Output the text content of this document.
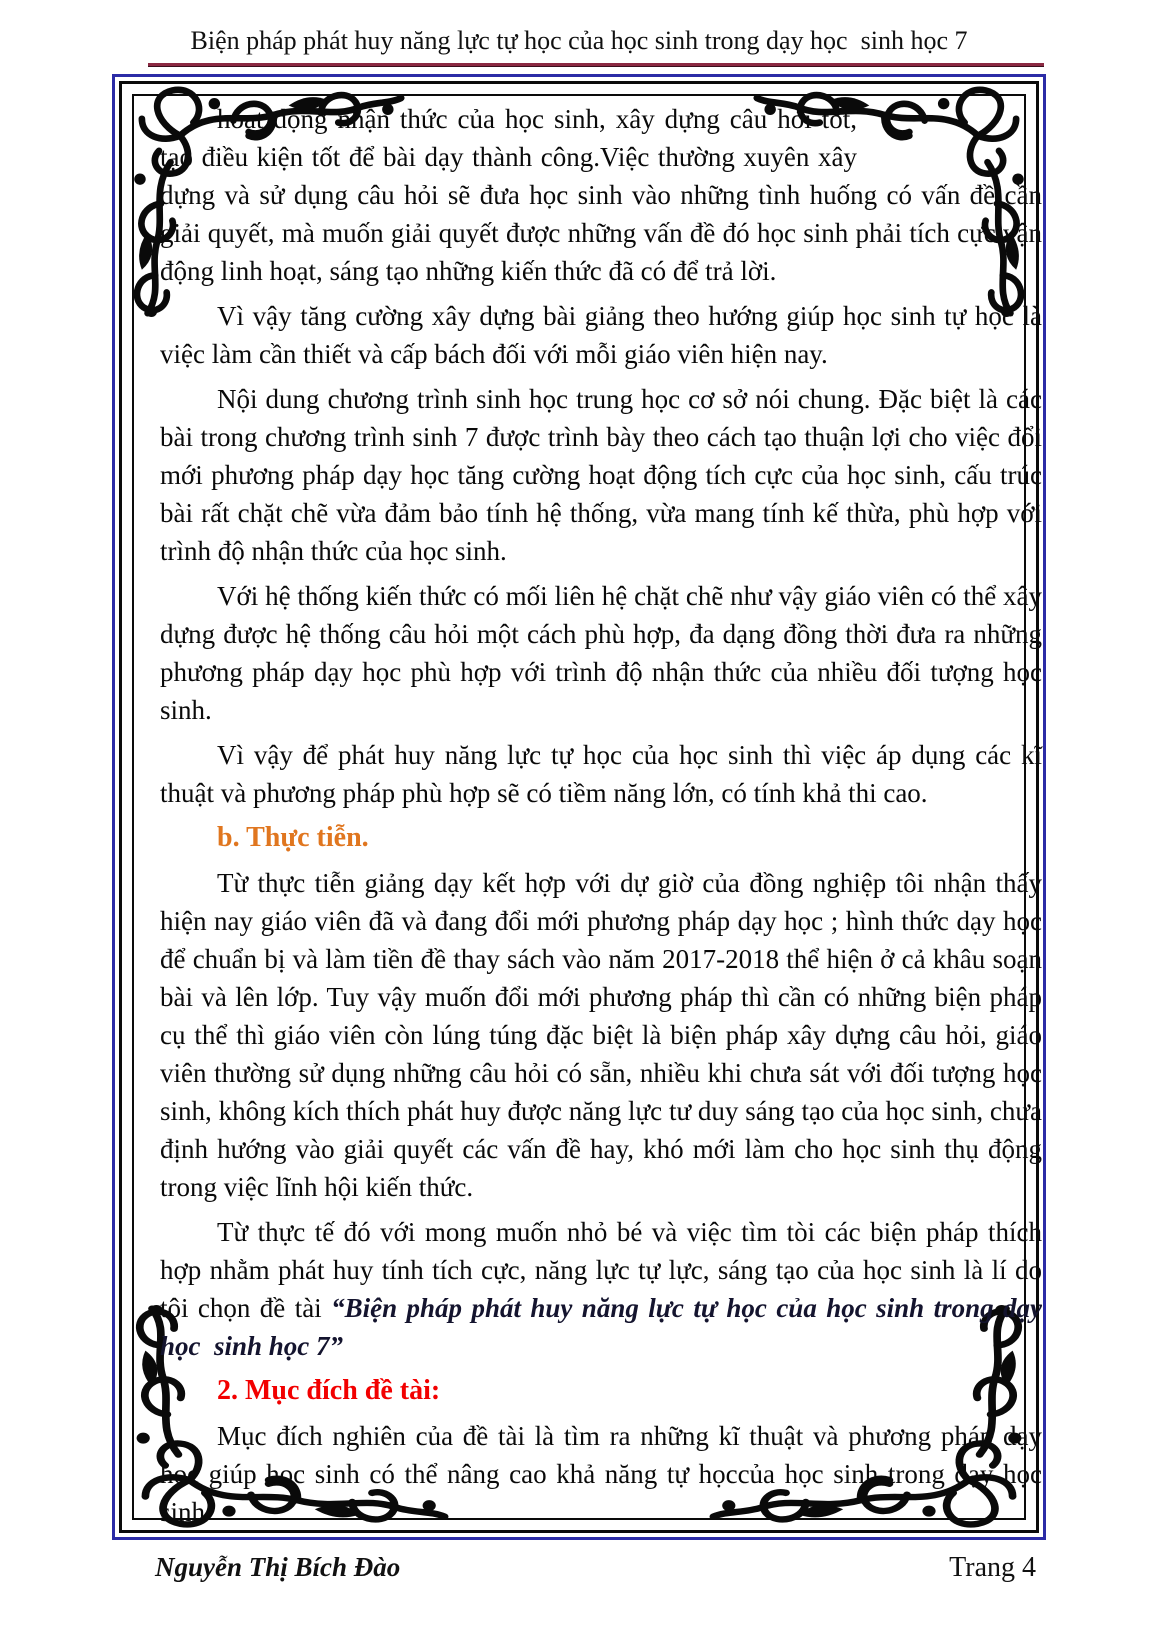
Biện pháp phát huy năng lực tự học của học sinh trong dạy học  sinh học 7

hoạt động nhận thức của học sinh, xây dựng câu hỏi tốt, tạo điều kiện tốt để bài dạy thành công.Việc thường xuyên xây dựng và sử dụng câu hỏi sẽ đưa học sinh vào những tình huống có vấn đề cần giải quyết, mà muốn giải quyết được những vấn đề đó học sinh phải tích cực vận động linh hoạt, sáng tạo những kiến thức đã có để trả lời.

Vì vậy tăng cường xây dựng bài giảng theo hướng giúp học sinh tự học là việc làm cần thiết và cấp bách đối với mỗi giáo viên hiện nay.

Nội dung chương trình sinh học trung học cơ sở nói chung. Đặc biệt là các bài trong chương trình sinh 7 được trình bày theo cách tạo thuận lợi cho việc đổi mới phương pháp dạy học tăng cường hoạt động tích cực của học sinh, cấu trúc bài rất chặt chẽ vừa đảm bảo tính hệ thống, vừa mang tính kế thừa, phù hợp với trình độ nhận thức của học sinh.

Với hệ thống kiến thức có mối liên hệ chặt chẽ như vậy giáo viên có thể xây dựng được hệ thống câu hỏi một cách phù hợp, đa dạng đồng thời đưa ra những phương pháp dạy học phù hợp với trình độ nhận thức của nhiều đối tượng học sinh.

Vì vậy để phát huy năng lực tự học của học sinh thì việc áp dụng các kĩ thuật và phương pháp phù hợp sẽ có tiềm năng lớn, có tính khả thi cao.

b. Thực tiễn.

Từ thực tiễn giảng dạy kết hợp với dự giờ của đồng nghiệp tôi nhận thấy hiện nay giáo viên đã và đang đổi mới phương pháp dạy học ; hình thức dạy học để chuẩn bị và làm tiền đề thay sách vào năm 2017-2018 thể hiện ở cả khâu soạn bài và lên lớp. Tuy vậy muốn đổi mới phương pháp thì cần có những biện pháp cụ thể thì giáo viên còn lúng túng đặc biệt là biện pháp xây dựng câu hỏi, giáo viên thường sử dụng những câu hỏi có sẵn, nhiều khi chưa sát với đối tượng học sinh, không kích thích phát huy được năng lực tư duy sáng tạo của học sinh, chưa định hướng vào giải quyết các vấn đề hay, khó mới làm cho học sinh thụ động trong việc lĩnh hội kiến thức.

Từ thực tế đó với mong muốn nhỏ bé và việc tìm tòi các biện pháp thích hợp nhằm phát huy tính tích cực, năng lực tự lực, sáng tạo của học sinh là lí do tôi chọn đề tài “Biện pháp phát huy năng lực tự học của học sinh trong dạy học  sinh học 7”

2. Mục đích đề tài:

Mục đích nghiên của đề tài là tìm ra những kĩ thuật và phương pháp dạy học giúp học sinh có thể nâng cao khả năng tự họccủa học sinh trong dạy học sinh

Nguyễn Thị Bích Đào	Trang 4
